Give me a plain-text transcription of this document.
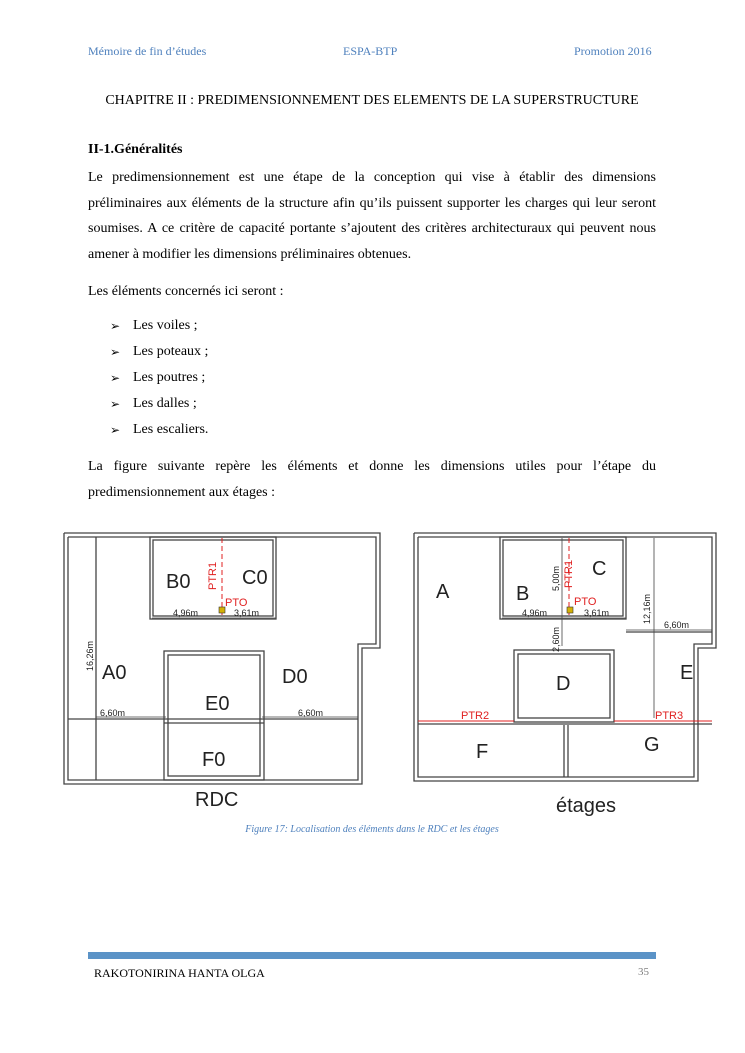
Mémoire de fin d’études	ESPA-BTP	Promotion 2016
CHAPITRE II : PREDIMENSIONNEMENT DES ELEMENTS DE LA SUPERSTRUCTURE
II-1.Généralités
Le predimensionnement est une étape de la conception qui vise à établir des dimensions préliminaires aux éléments de la structure afin qu’ils puissent supporter les charges qui leur seront soumises. A ce critère de capacité portante s’ajoutent des critères architecturaux qui peuvent nous amener à modifier les dimensions préliminaires obtenues.
Les éléments concernés ici seront :
➢ Les voiles ;
➢ Les poteaux ;
➢ Les poutres ;
➢ Les dalles ;
➢ Les escaliers.
La figure suivante repère les éléments et donne les dimensions utiles pour l’étape du predimensionnement aux étages :
A0
B0	C0
D0
E0
F0
RDC
PTR1
PTO
4,96m	3,61m
16,26m
6,60m	6,60m
A	B
C
D	E
F	G
étages
PTR1
PTO
PTR2	PTR3
4,96m	3,61m
5,00m
2,60m
12,16m
6,60m
Figure 17: Localisation des éléments dans le RDC et les étages
RAKOTONIRINA HANTA OLGA	35
